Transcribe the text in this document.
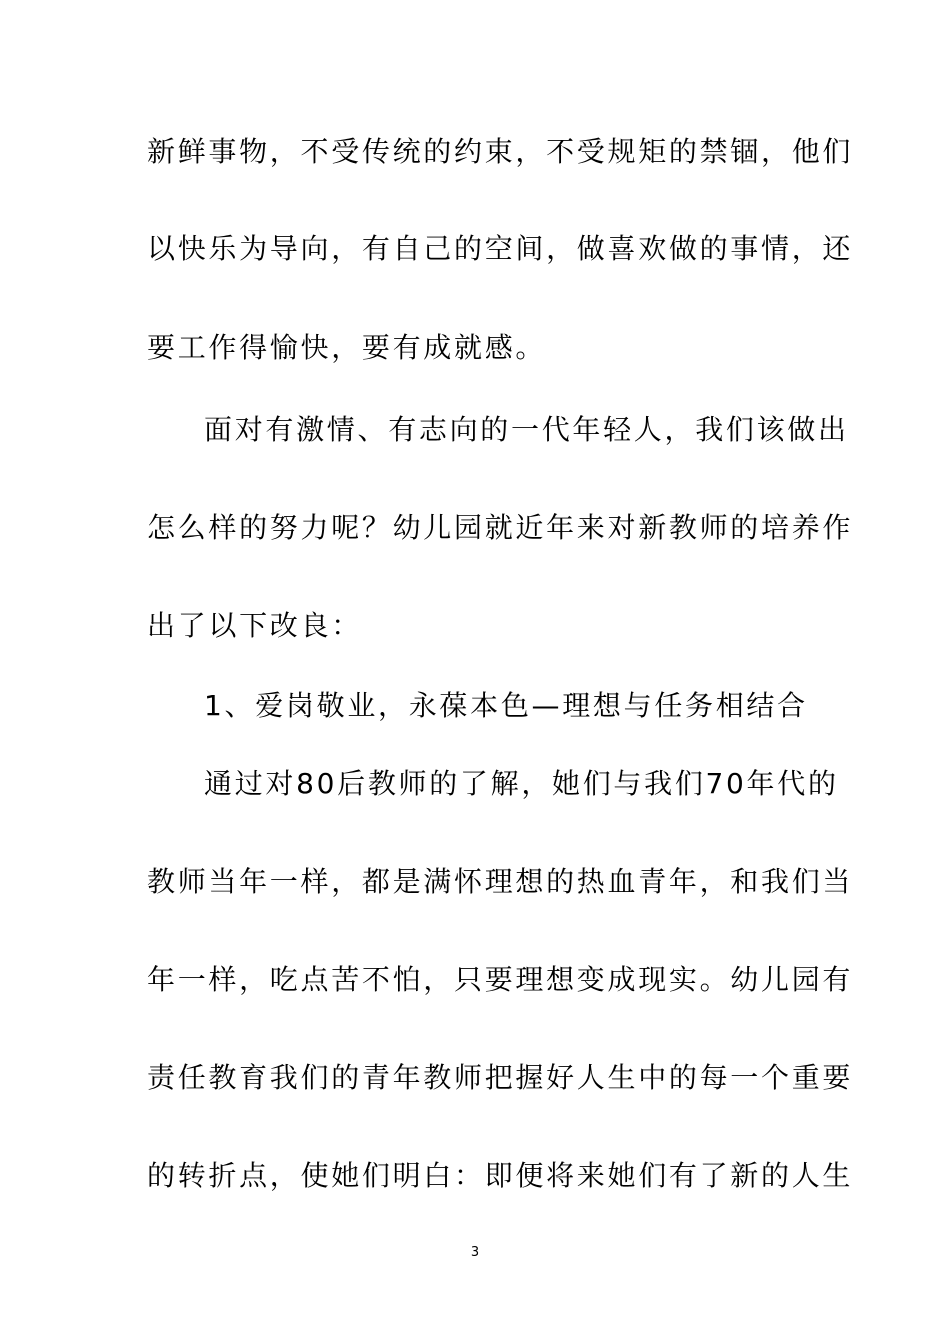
新鲜事物，不受传统的约束，不受规矩的禁锢，他们
以快乐为导向，有自己的空间，做喜欢做的事情，还
要工作得愉快，要有成就感。
面对有激情、有志向的一代年轻人，我们该做出
怎么样的努力呢？幼儿园就近年来对新教师的培养作
出了以下改良：
1、爱岗敬业，永葆本色—理想与任务相结合
通过对80后教师的了解，她们与我们70年代的
教师当年一样，都是满怀理想的热血青年，和我们当
年一样，吃点苦不怕，只要理想变成现实。幼儿园有
责任教育我们的青年教师把握好人生中的每一个重要
的转折点，使她们明白：即便将来她们有了新的人生
3
